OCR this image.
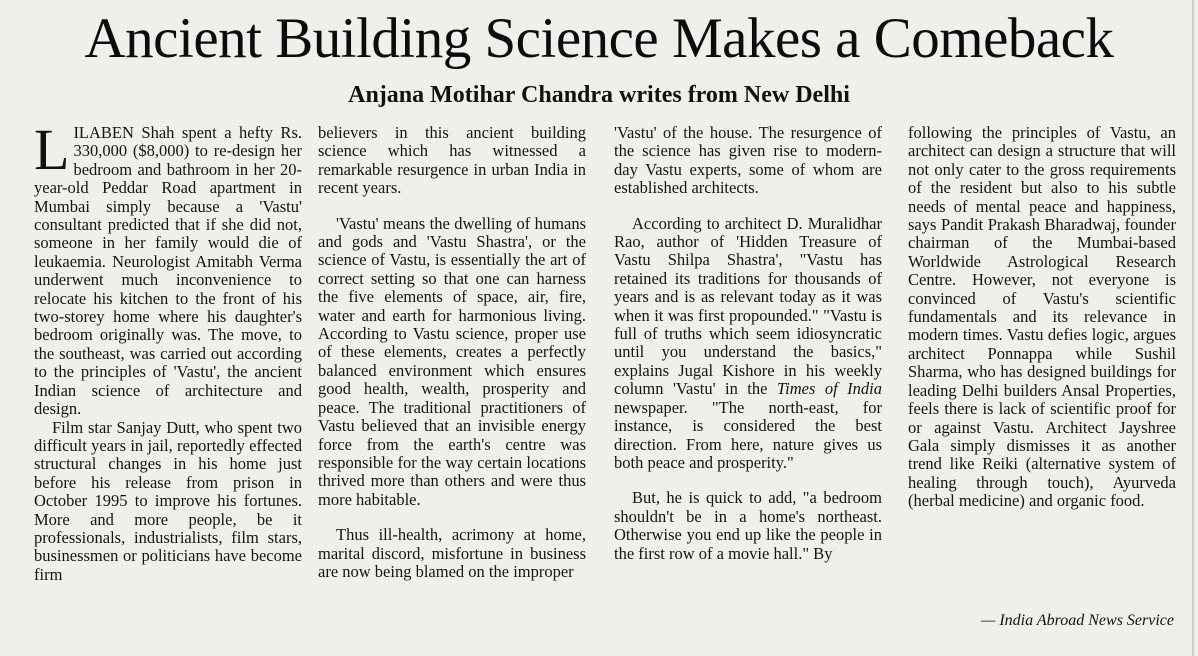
Ancient Building Science Makes a Comeback
Anjana Motihar Chandra writes from New Delhi

LILABEN Shah spent a hefty Rs. 330,000 ($8,000) to re-design her bedroom and bathroom in her 20-year-old Peddar Road apartment in Mumbai simply because a 'Vastu' consultant predicted that if she did not, someone in her family would die of leukaemia. Neurologist Amitabh Verma underwent much inconvenience to relocate his kitchen to the front of his two-storey home where his daughter's bedroom originally was. The move, to the southeast, was carried out according to the principles of 'Vastu', the ancient Indian science of architecture and design.

Film star Sanjay Dutt, who spent two difficult years in jail, reportedly effected structural changes in his home just before his release from prison in October 1995 to improve his fortunes. More and more people, be it professionals, industrialists, film stars, businessmen or politicians have become firm

believers in this ancient building science which has witnessed a remarkable resurgence in urban India in recent years.

'Vastu' means the dwelling of humans and gods and 'Vastu Shastra', or the science of Vastu, is essentially the art of correct setting so that one can harness the five elements of space, air, fire, water and earth for harmonious living. According to Vastu science, proper use of these elements, creates a perfectly balanced environment which ensures good health, wealth, prosperity and peace. The traditional practitioners of Vastu believed that an invisible energy force from the earth's centre was responsible for the way certain locations thrived more than others and were thus more habitable.

Thus ill-health, acrimony at home, marital discord, misfortune in business are now being blamed on the improper

'Vastu' of the house. The resurgence of the science has given rise to modern-day Vastu experts, some of whom are established architects.

According to architect D. Muralidhar Rao, author of 'Hidden Treasure of Vastu Shilpa Shastra', "Vastu has retained its traditions for thousands of years and is as relevant today as it was when it was first propounded." "Vastu is full of truths which seem idiosyncratic until you understand the basics," explains Jugal Kishore in his weekly column 'Vastu' in the Times of India newspaper. "The north-east, for instance, is considered the best direction. From here, nature gives us both peace and prosperity."

But, he is quick to add, "a bedroom shouldn't be in a home's northeast. Otherwise you end up like the people in the first row of a movie hall." By

following the principles of Vastu, an architect can design a structure that will not only cater to the gross requirements of the resident but also to his subtle needs of mental peace and happiness, says Pandit Prakash Bharadwaj, founder chairman of the Mumbai-based Worldwide Astrological Research Centre. However, not everyone is convinced of Vastu's scientific fundamentals and its relevance in modern times. Vastu defies logic, argues architect Ponnappa while Sushil Sharma, who has designed buildings for leading Delhi builders Ansal Properties, feels there is lack of scientific proof for or against Vastu. Architect Jayshree Gala simply dismisses it as another trend like Reiki (alternative system of healing through touch), Ayurveda (herbal medicine) and organic food.

— India Abroad News Service
